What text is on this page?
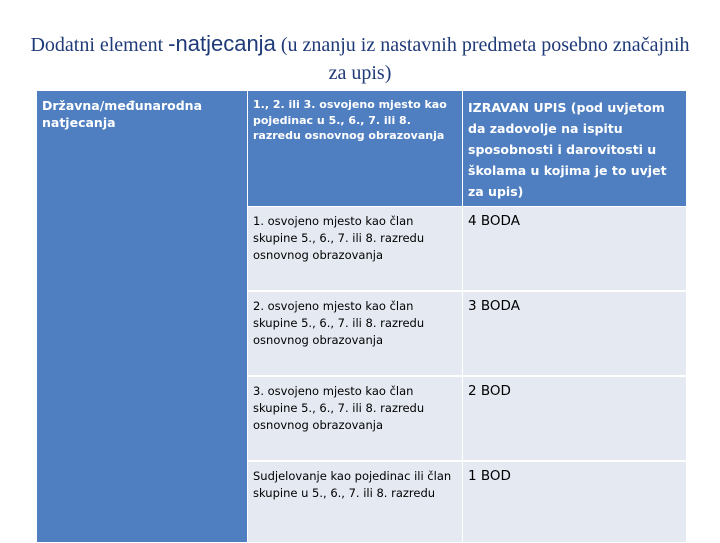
Dodatni element -natjecanja (u znanju iz nastavnih predmeta posebno značajnih za upis)
Državna/međunarodna natjecanja	1., 2. ili 3. osvojeno mjesto kao pojedinac u 5., 6., 7. ili 8. razredu osnovnog obrazovanja	IZRAVAN UPIS (pod uvjetom da zadovolje na ispitu sposobnosti i darovitosti u školama u kojima je to uvjet za upis)
	1. osvojeno mjesto kao član skupine 5., 6., 7. ili 8. razredu osnovnog obrazovanja	4 BODA
	2. osvojeno mjesto kao član skupine 5., 6., 7. ili 8. razredu osnovnog obrazovanja	3 BODA
	3. osvojeno mjesto kao član skupine 5., 6., 7. ili 8. razredu osnovnog obrazovanja	2 BOD
	Sudjelovanje kao pojedinac ili član skupine u 5., 6., 7. ili 8. razredu	1 BOD
